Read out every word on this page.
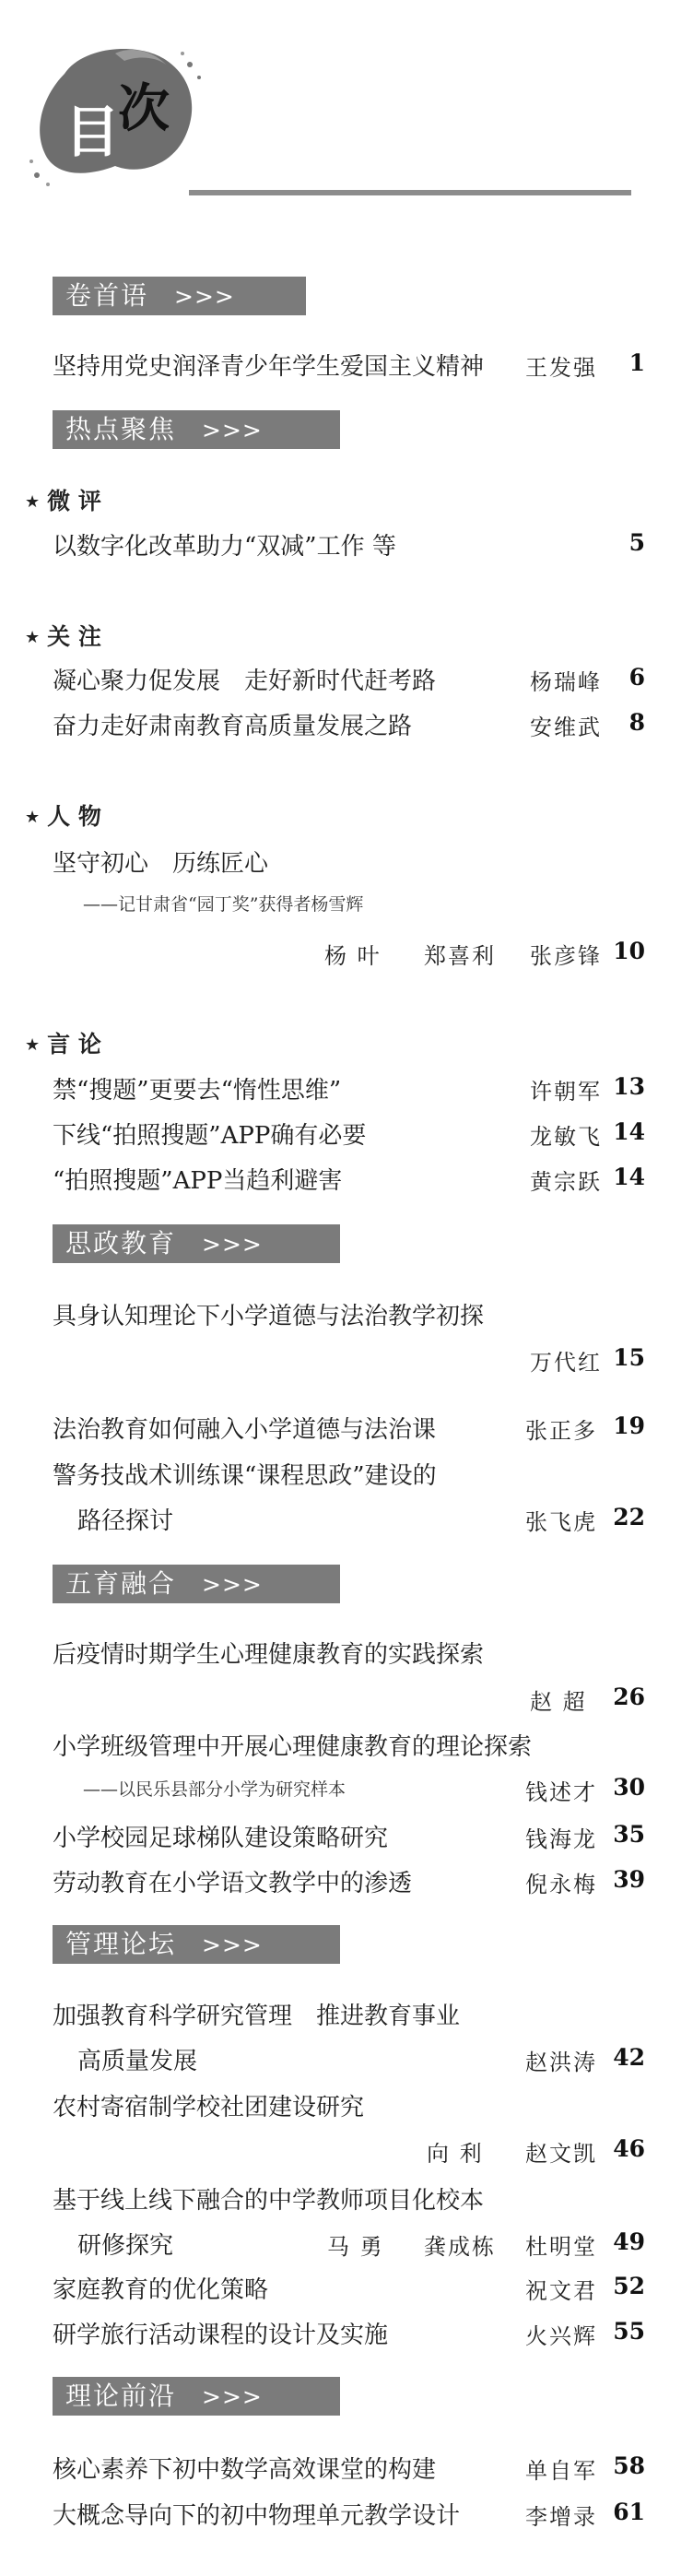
目
次
卷首语 >>>
坚持用党史润泽青少年学生爱国主义精神 王发强 1
热点聚焦 >>>
★ 微 评
以数字化改革助力“双减”工作 等	5
★ 关 注
凝心聚力促发展　走好新时代赶考路	杨瑞峰 6
奋力走好肃南教育高质量发展之路	安维武 8
★ 人 物
坚守初心　历练匠心
——记甘肃省“园丁奖”获得者杨雪辉
杨 叶 郑喜利 张彦锋 10
★ 言 论
禁“搜题”更要去“惰性思维”	许朝军 13
下线“拍照搜题”APP确有必要	龙敏飞 14
“拍照搜题”APP当趋利避害	黄宗跃 14
思政教育 >>>
具身认知理论下小学道德与法治教学初探
万代红 15
法治教育如何融入小学道德与法治课	张正多 19
警务技战术训练课“课程思政”建设的
路径探讨	张飞虎 22
五育融合 >>>
后疫情时期学生心理健康教育的实践探索
赵 超 26
小学班级管理中开展心理健康教育的理论探索
——以民乐县部分小学为研究样本	钱述才 30
小学校园足球梯队建设策略研究	钱海龙 35
劳动教育在小学语文教学中的渗透	倪永梅 39
管理论坛 >>>
加强教育科学研究管理　推进教育事业
高质量发展	赵洪涛 42
农村寄宿制学校社团建设研究
向 利 赵文凯 46
基于线上线下融合的中学教师项目化校本
研修探究	马 勇 龚成栋 杜明堂 49
家庭教育的优化策略	祝文君 52
研学旅行活动课程的设计及实施	火兴辉 55
理论前沿 >>>
核心素养下初中数学高效课堂的构建	单自军 58
大概念导向下的初中物理单元教学设计	李增录 61
